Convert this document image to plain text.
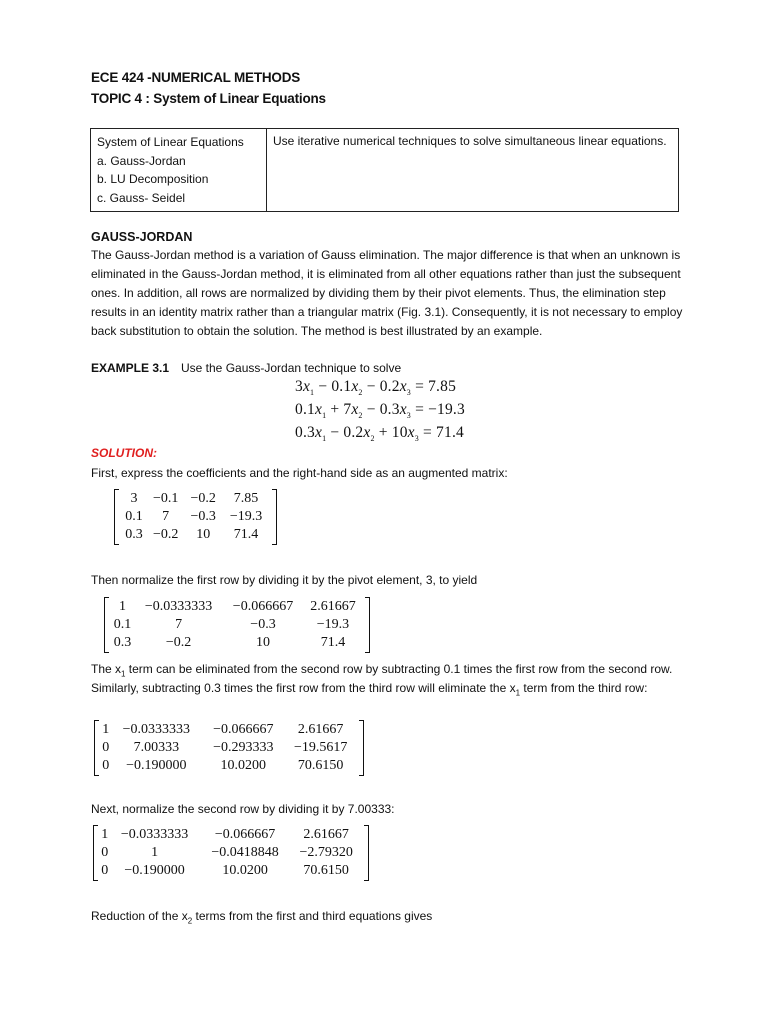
ECE 424 -NUMERICAL METHODS
TOPIC 4 : System of Linear Equations
System of Linear Equations
a. Gauss-Jordan
b. LU Decomposition
c. Gauss- Seidel
	Use iterative numerical techniques to solve simultaneous linear equations.
GAUSS-JORDAN
The Gauss-Jordan method is a variation of Gauss elimination. The major difference is that when an unknown is eliminated in the Gauss-Jordan method, it is eliminated from all other equations rather than just the subsequent ones. In addition, all rows are normalized by dividing them by their pivot elements. Thus, the elimination step results in an identity matrix rather than a triangular matrix (Fig. 3.1). Consequently, it is not necessary to employ back substitution to obtain the solution. The method is best illustrated by an example.
EXAMPLE 3.1 Use the Gauss-Jordan technique to solve
$3x_1 - 0.1x_2 - 0.2x_3 = 7.85$
$0.1x_1 + 7x_2 - 0.3x_3 = -19.3$
$0.3x_1 - 0.2x_2 + 10x_3 = 71.4$
SOLUTION:
First, express the coefficients and the right-hand side as an augmented matrix:
3	−0.1	−0.2	7.85
0.1	7	−0.3	−19.3
0.3	−0.2	10	71.4
Then normalize the first row by dividing it by the pivot element, 3, to yield
1	−0.0333333	−0.066667	2.61667
0.1	7	−0.3	−19.3
0.3	−0.2	10	71.4
The $x_1$ term can be eliminated from the second row by subtracting 0.1 times the first row from the second row.
Similarly, subtracting 0.3 times the first row from the third row will eliminate the $x_1$ term from the third row:
1	−0.0333333	−0.066667	2.61667
0	7.00333	−0.293333	−19.5617
0	−0.190000	10.0200	70.6150
Next, normalize the second row by dividing it by 7.00333:
1	−0.0333333	−0.066667	2.61667
0	1	−0.0418848	−2.79320
0	−0.190000	10.0200	70.6150
Reduction of the $x_2$ terms from the first and third equations gives
